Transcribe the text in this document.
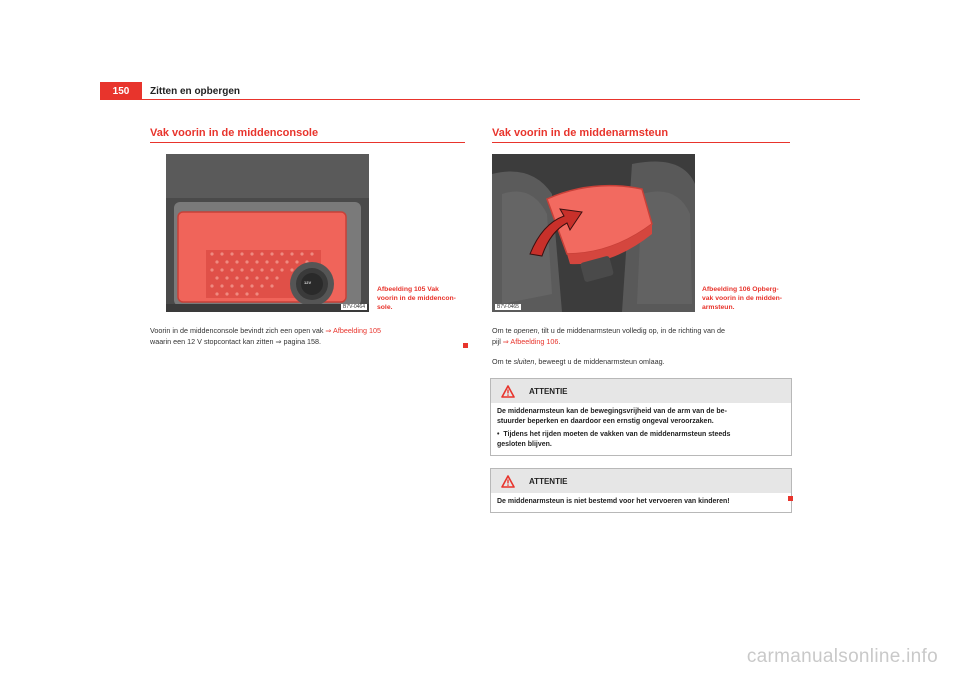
150	Zitten en opbergen
Vak voorin in de middenconsole
12V
B7V-0464
Afbeelding 105 Vak
voorin in de middencon-
sole.
Voorin in de middenconsole bevindt zich een open vak ⇒ Afbeelding 105
waarin een 12 V stopcontact kan zitten ⇒ pagina 158.
Vak voorin in de middenarmsteun
B7V-0465
Afbeelding 106 Opberg-
vak voorin in de midden-
armsteun.
Om te openen, tilt u de middenarmsteun volledig op, in de richting van de
pijl ⇒ Afbeelding 106.
Om te sluiten, beweegt u de middenarmsteun omlaag.
ATTENTIE

De middenarmsteun kan de bewegingsvrijheid van de arm van de be-

stuurder beperken en daardoor een ernstig ongeval veroorzaken.

• Tijdens het rijden moeten de vakken van de middenarmsteun steeds

gesloten blijven.

ATTENTIE

De middenarmsteun is niet bestemd voor het vervoeren van kinderen!

carmanualsonline.info
